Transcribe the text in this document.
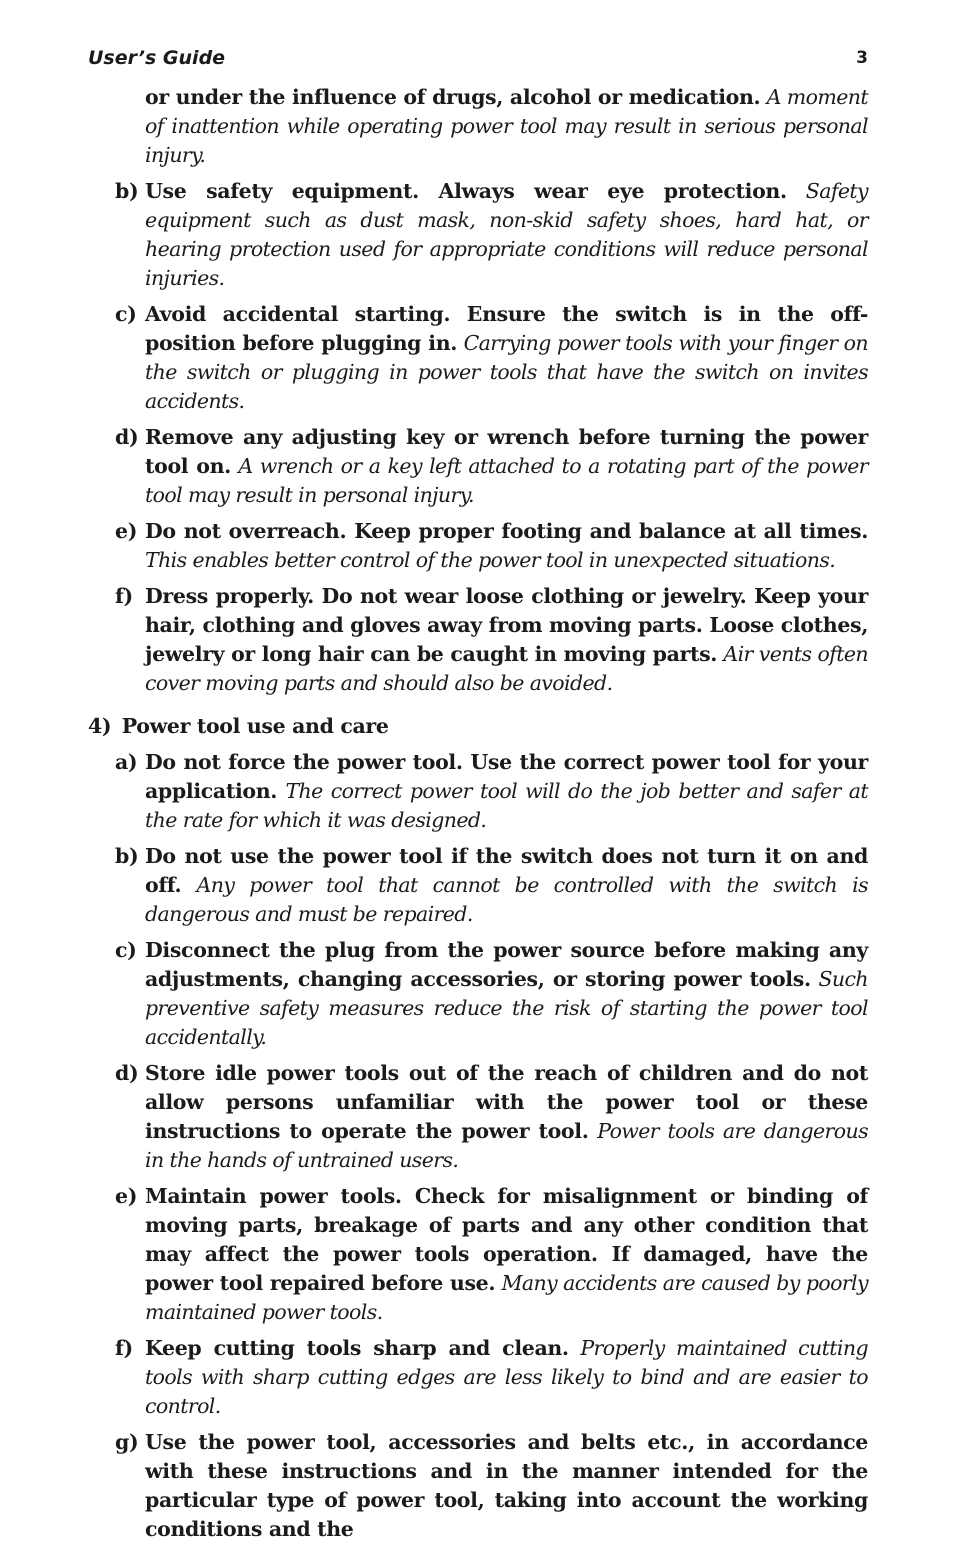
User’s Guide	3
or under the influence of drugs, alcohol or medication. A moment of inattention while operating power tool may result in serious personal injury.
b) Use safety equipment. Always wear eye protection. Safety equipment such as dust mask, non-skid safety shoes, hard hat, or hearing protection used for appropriate conditions will reduce personal injuries.
c) Avoid accidental starting. Ensure the switch is in the off-position before plugging in. Carrying power tools with your finger on the switch or plugging in power tools that have the switch on invites accidents.
d) Remove any adjusting key or wrench before turning the power tool on. A wrench or a key left attached to a rotating part of the power tool may result in personal injury.
e) Do not overreach. Keep proper footing and balance at all times. This enables better control of the power tool in unexpected situations.
f) Dress properly. Do not wear loose clothing or jewelry. Keep your hair, clothing and gloves away from moving parts. Loose clothes, jewelry or long hair can be caught in moving parts. Air vents often cover moving parts and should also be avoided.
4) Power tool use and care
a) Do not force the power tool. Use the correct power tool for your application. The correct power tool will do the job better and safer at the rate for which it was designed.
b) Do not use the power tool if the switch does not turn it on and off. Any power tool that cannot be controlled with the switch is dangerous and must be repaired.
c) Disconnect the plug from the power source before making any adjustments, changing accessories, or storing power tools. Such preventive safety measures reduce the risk of starting the power tool accidentally.
d) Store idle power tools out of the reach of children and do not allow persons unfamiliar with the power tool or these instructions to operate the power tool. Power tools are dangerous in the hands of untrained users.
e) Maintain power tools. Check for misalignment or binding of moving parts, breakage of parts and any other condition that may affect the power tools operation. If damaged, have the power tool repaired before use. Many accidents are caused by poorly maintained power tools.
f) Keep cutting tools sharp and clean. Properly maintained cutting tools with sharp cutting edges are less likely to bind and are easier to control.
g) Use the power tool, accessories and belts etc., in accordance with these instructions and in the manner intended for the particular type of power tool, taking into account the working conditions and the
